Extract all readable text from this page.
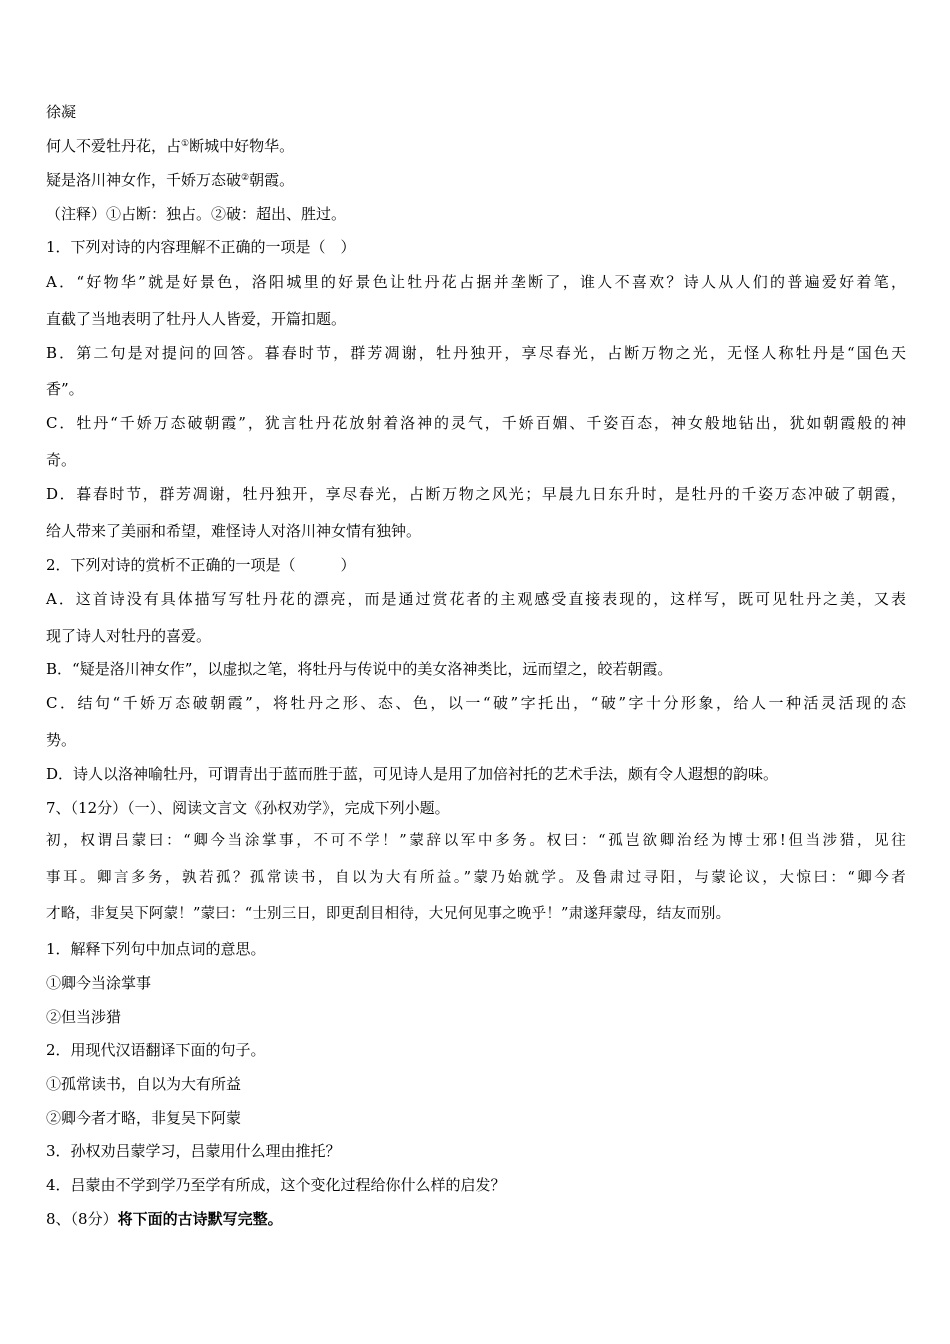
徐凝
何人不爱牡丹花，占①断城中好物华。
疑是洛川神女作，千娇万态破②朝霞。
（注释）①占断：独占。②破：超出、胜过。
1．下列对诗的内容理解不正确的一项是（　）
A．“好物华”就是好景色，洛阳城里的好景色让牡丹花占据并垄断了，谁人不喜欢？诗人从人们的普遍爱好着笔，
直截了当地表明了牡丹人人皆爱，开篇扣题。
B．第二句是对提问的回答。暮春时节，群芳凋谢，牡丹独开，享尽春光，占断万物之光，无怪人称牡丹是“国色天
香”。
C．牡丹“千娇万态破朝霞”，犹言牡丹花放射着洛神的灵气，千娇百媚、千姿百态，神女般地钻出，犹如朝霞般的神
奇。
D．暮春时节，群芳凋谢，牡丹独开，享尽春光，占断万物之风光；早晨九日东升时，是牡丹的千姿万态冲破了朝霞，
给人带来了美丽和希望，难怪诗人对洛川神女情有独钟。
2．下列对诗的赏析不正确的一项是（　　　）
A．这首诗没有具体描写写牡丹花的漂亮，而是通过赏花者的主观感受直接表现的，这样写，既可见牡丹之美，又表
现了诗人对牡丹的喜爱。
B．“疑是洛川神女作”，以虚拟之笔，将牡丹与传说中的美女洛神类比，远而望之，皎若朝霞。
C．结句“千娇万态破朝霞”，将牡丹之形、态、色，以一“破”字托出，“破”字十分形象，给人一种活灵活现的态
势。
D．诗人以洛神喻牡丹，可谓青出于蓝而胜于蓝，可见诗人是用了加倍衬托的艺术手法，颇有令人遐想的韵味。
7、（12分）（一）、阅读文言文《孙权劝学》，完成下列小题。
初，权谓吕蒙曰：“卿今当涂掌事，不可不学！”蒙辞以军中多务。权曰：“孤岂欲卿治经为博士邪!但当涉猎，见往
事耳。卿言多务，孰若孤？孤常读书，自以为大有所益。”蒙乃始就学。及鲁肃过寻阳，与蒙论议，大惊曰：“卿今者
才略，非复吴下阿蒙！”蒙曰：“士别三日，即更刮目相待，大兄何见事之晚乎！”肃遂拜蒙母，结友而别。
1．解释下列句中加点词的意思。
①卿今当涂掌事
②但当涉猎
2．用现代汉语翻译下面的句子。
①孤常读书，自以为大有所益
②卿今者才略，非复吴下阿蒙
3．孙权劝吕蒙学习，吕蒙用什么理由推托？
4．吕蒙由不学到学乃至学有所成，这个变化过程给你什么样的启发？
8、（8分）将下面的古诗默写完整。
